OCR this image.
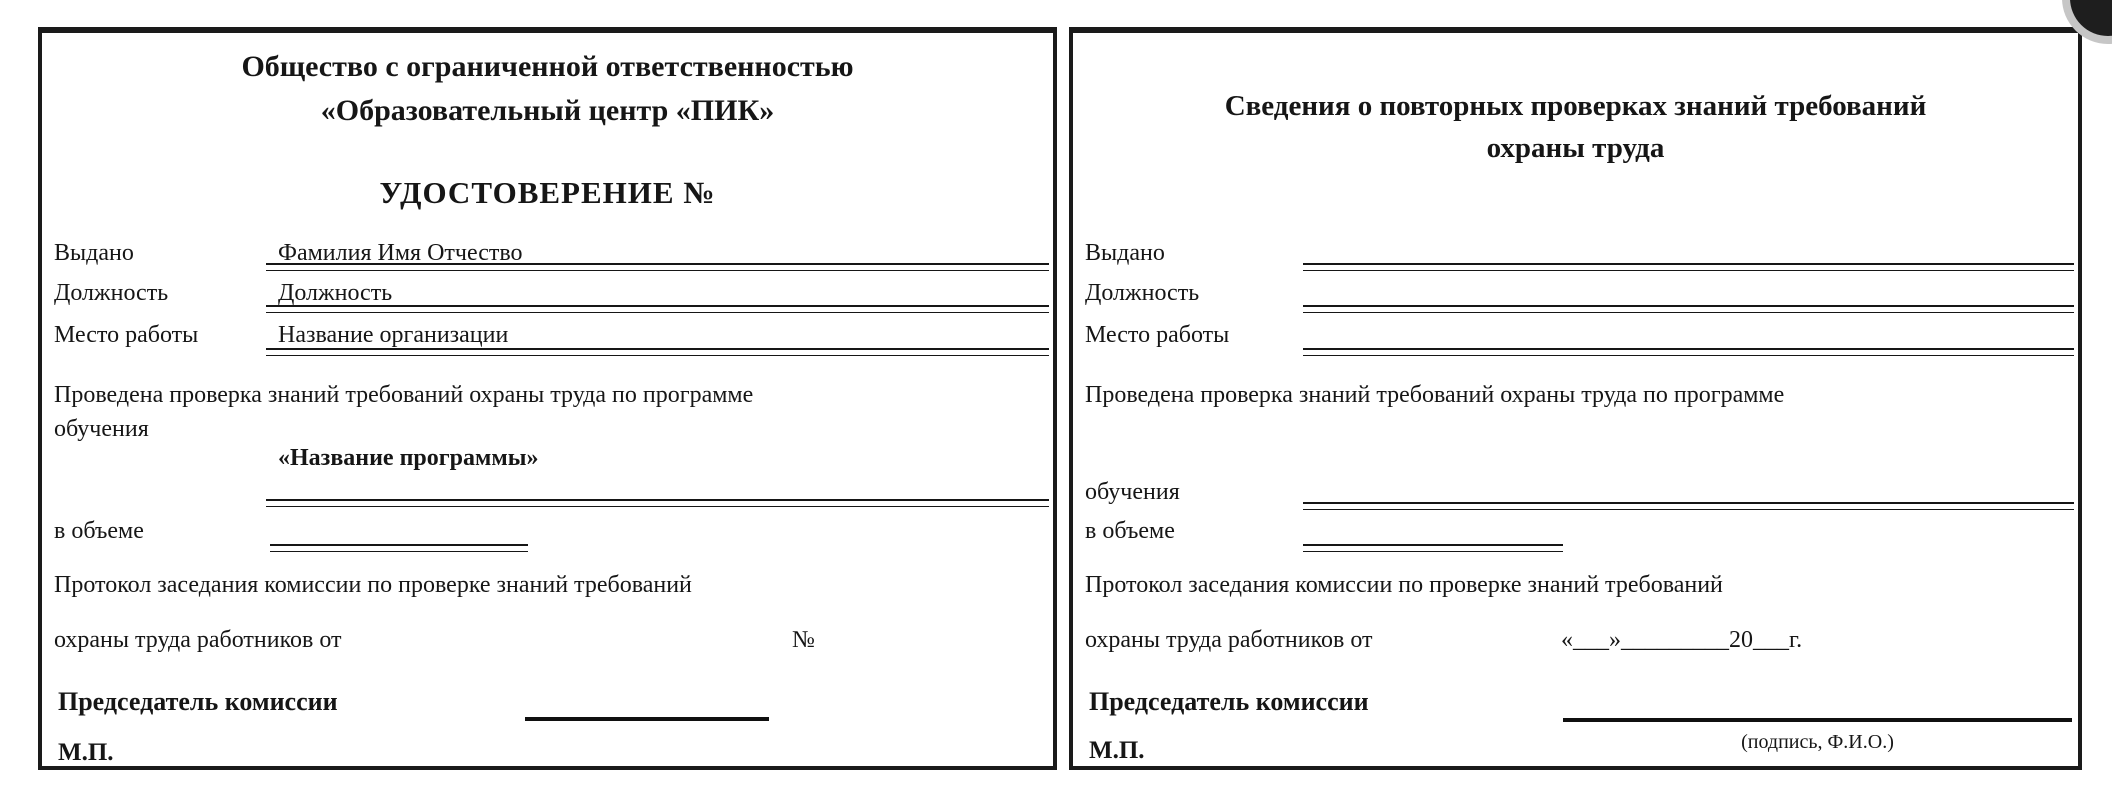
Общество с ограниченной ответственностью
«Образовательный центр «ПИК»
УДОСТОВЕРЕНИЕ №
Выдано	Фамилия Имя Отчество
Должность	Должность
Место работы	Название организации
Проведена проверка знаний требований охраны труда по программе
обучения
«Название программы»
в объеме
Протокол заседания комиссии по проверке знаний требований
охраны труда работников от	№
Председатель комиссии
М.П.
Сведения о повторных проверках знаний требований
охраны труда
Выдано
Должность
Место работы
Проведена проверка знаний требований охраны труда по программе
обучения
в объеме
Протокол заседания комиссии по проверке знаний требований
охраны труда работников от	«___»_________20___г.
Председатель комиссии
(подпись, Ф.И.О.)
М.П.
